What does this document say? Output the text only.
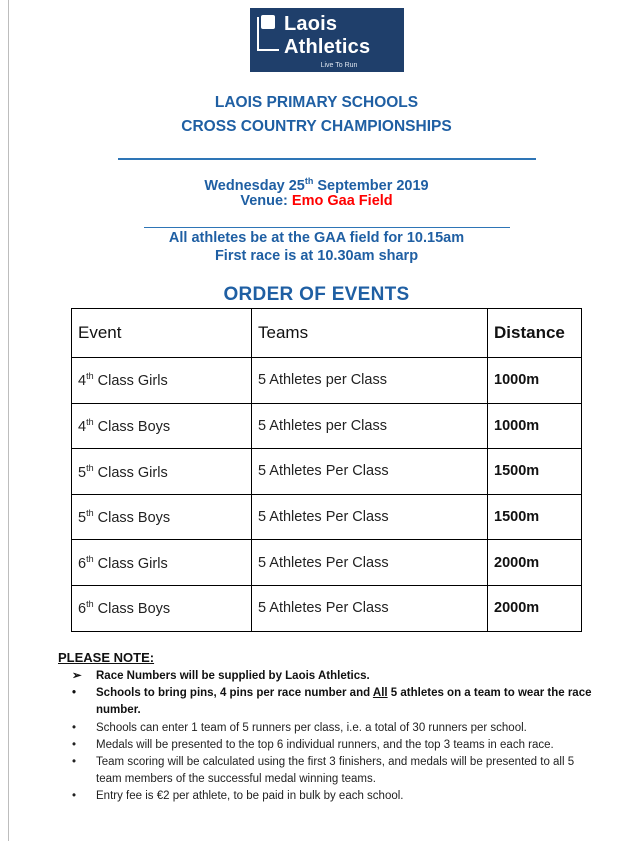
Laois
Athletics
Live To Run
LAOIS PRIMARY SCHOOLS
CROSS COUNTRY CHAMPIONSHIPS
Wednesday 25th September 2019
Venue: Emo Gaa Field
All athletes be at the GAA field for 10.15am
First race is at 10.30am sharp
ORDER OF EVENTS
Event	Teams	Distance
4th Class Girls	5 Athletes per Class	1000m
4th Class Boys	5 Athletes per Class	1000m
5th Class Girls	5 Athletes Per Class	1500m
5th Class Boys	5 Athletes Per Class	1500m
6th Class Girls	5 Athletes Per Class	2000m
6th Class Boys	5 Athletes Per Class	2000m
PLEASE NOTE:
➢ Race Numbers will be supplied by Laois Athletics.
• Schools to bring pins, 4 pins per race number and All 5 athletes on a team to wear the race number.
• Schools can enter 1 team of 5 runners per class, i.e. a total of 30 runners per school.
• Medals will be presented to the top 6 individual runners, and the top 3 teams in each race.
• Team scoring will be calculated using the first 3 finishers, and medals will be presented to all 5 team members of the successful medal winning teams.
• Entry fee is €2 per athlete, to be paid in bulk by each school.
